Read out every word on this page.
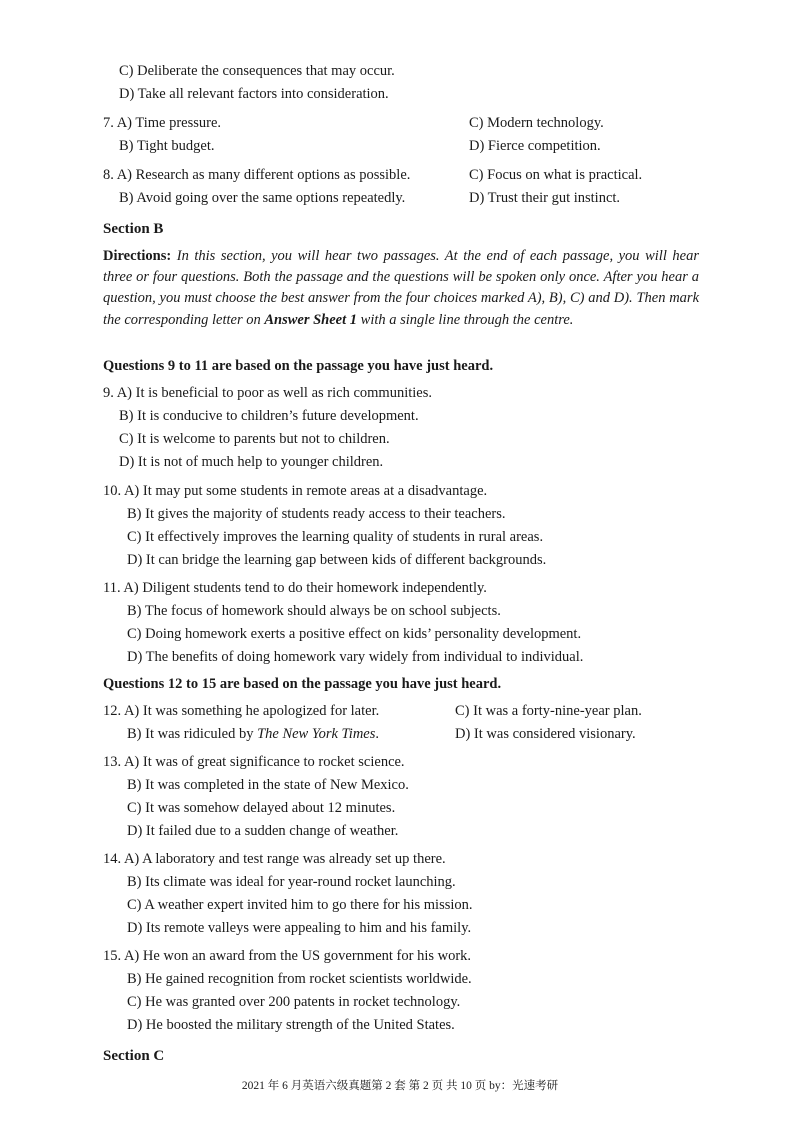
C) Deliberate the consequences that may occur.
D) Take all relevant factors into consideration.
7. A) Time pressure.	C) Modern technology.
B) Tight budget.	D) Fierce competition.
8. A) Research as many different options as possible.	C) Focus on what is practical.
B) Avoid going over the same options repeatedly.	D) Trust their gut instinct.
Section B
Directions: In this section, you will hear two passages. At the end of each passage, you will hear three or four questions. Both the passage and the questions will be spoken only once. After you hear a question, you must choose the best answer from the four choices marked A), B), C) and D). Then mark the corresponding letter on Answer Sheet 1 with a single line through the centre.
Questions 9 to 11 are based on the passage you have just heard.
9. A) It is beneficial to poor as well as rich communities.
B) It is conducive to children’s future development.
C) It is welcome to parents but not to children.
D) It is not of much help to younger children.
10. A) It may put some students in remote areas at a disadvantage.
B) It gives the majority of students ready access to their teachers.
C) It effectively improves the learning quality of students in rural areas.
D) It can bridge the learning gap between kids of different backgrounds.
11. A) Diligent students tend to do their homework independently.
B) The focus of homework should always be on school subjects.
C) Doing homework exerts a positive effect on kids’ personality development.
D) The benefits of doing homework vary widely from individual to individual.
Questions 12 to 15 are based on the passage you have just heard.
12. A) It was something he apologized for later.	C) It was a forty-nine-year plan.
B) It was ridiculed by The New York Times.	D) It was considered visionary.
13. A) It was of great significance to rocket science.
B) It was completed in the state of New Mexico.
C) It was somehow delayed about 12 minutes.
D) It failed due to a sudden change of weather.
14. A) A laboratory and test range was already set up there.
B) Its climate was ideal for year-round rocket launching.
C) A weather expert invited him to go there for his mission.
D) Its remote valleys were appealing to him and his family.
15. A) He won an award from the US government for his work.
B) He gained recognition from rocket scientists worldwide.
C) He was granted over 200 patents in rocket technology.
D) He boosted the military strength of the United States.
Section C
2021 年 6 月英语六级真题第 2 套 第 2 页 共 10 页 by：光速考研
